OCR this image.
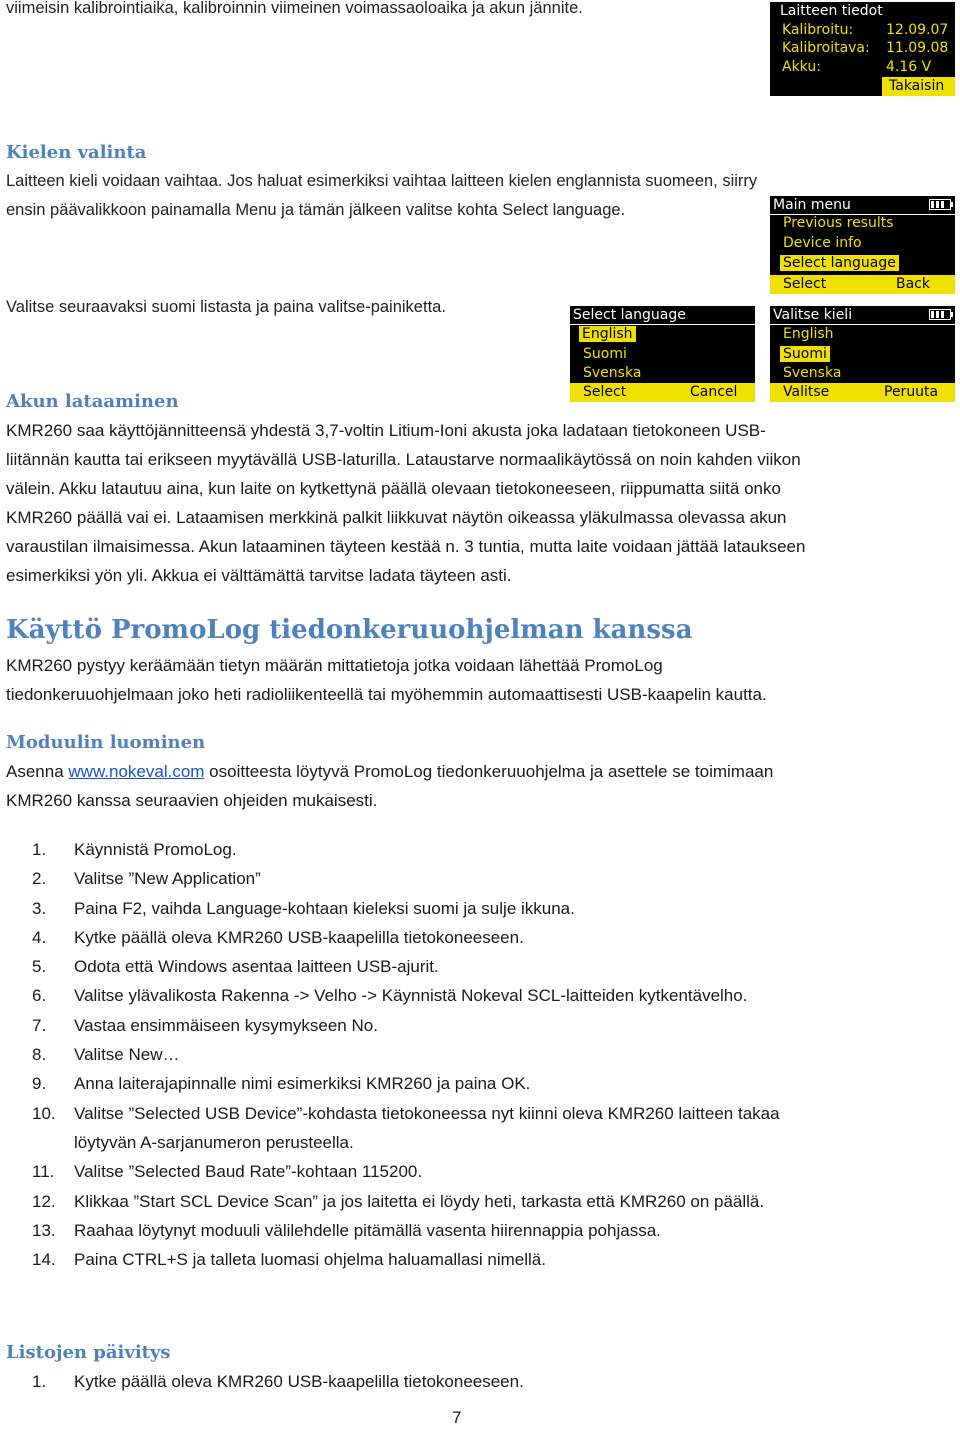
viimeisin kalibrointiaika, kalibroinnin viimeinen voimassaoloaika ja akun jännite.	Laitteen tiedot
Kalibroitu: 12.09.07
Kalibroitava: 11.09.08
Akku:	4.16 V
Takaisin
Kielen valinta
Laitteen kieli voidaan vaihtaa. Jos haluat esimerkiksi vaihtaa laitteen kielen englannista suomeen, siirry
ensin päävalikkoon painamalla Menu ja tämän jälkeen valitse kohta Select language.
Valitse seuraavaksi suomi listasta ja paina valitse-painiketta.
Main menu
Previous results
Device info
Select language
Select	Back
Select language
English
Suomi
Svenska
Select	Cancel
Valitse kieli
English
Suomi
Svenska
Valitse	Peruuta
Akun lataaminen
KMR260 saa käyttöjännitteensä yhdestä 3,7-voltin Litium-Ioni akusta joka ladataan tietokoneen USB-
liitännän kautta tai erikseen myytävällä USB-laturilla. Lataustarve normaalikäytössä on noin kahden viikon
välein. Akku latautuu aina, kun laite on kytkettynä päällä olevaan tietokoneeseen, riippumatta siitä onko
KMR260 päällä vai ei. Lataamisen merkkinä palkit liikkuvat näytön oikeassa yläkulmassa olevassa akun
varaustilan ilmaisimessa. Akun lataaminen täyteen kestää n. 3 tuntia, mutta laite voidaan jättää lataukseen
esimerkiksi yön yli. Akkua ei välttämättä tarvitse ladata täyteen asti.
Käyttö PromoLog tiedonkeruuohjelman kanssa
KMR260 pystyy keräämään tietyn määrän mittatietoja jotka voidaan lähettää PromoLog
tiedonkeruuohjelmaan joko heti radioliikenteellä tai myöhemmin automaattisesti USB-kaapelin kautta.
Moduulin luominen
Asenna www.nokeval.com osoitteesta löytyvä PromoLog tiedonkeruuohjelma ja asettele se toimimaan
KMR260 kanssa seuraavien ohjeiden mukaisesti.
1.	Käynnistä PromoLog.
2.	Valitse ”New Application”
3.	Paina F2, vaihda Language-kohtaan kieleksi suomi ja sulje ikkuna.
4.	Kytke päällä oleva KMR260 USB-kaapelilla tietokoneeseen.
5.	Odota että Windows asentaa laitteen USB-ajurit.
6.	Valitse ylävalikosta Rakenna -> Velho -> Käynnistä Nokeval SCL-laitteiden kytkentävelho.
7.	Vastaa ensimmäiseen kysymykseen No.
8.	Valitse New…
9.	Anna laiterajapinnalle nimi esimerkiksi KMR260 ja paina OK.
10.	Valitse ”Selected USB Device”-kohdasta tietokoneessa nyt kiinni oleva KMR260 laitteen takaa
löytyvän A-sarjanumeron perusteella.
11.	Valitse ”Selected Baud Rate”-kohtaan 115200.
12.	Klikkaa ”Start SCL Device Scan” ja jos laitetta ei löydy heti, tarkasta että KMR260 on päällä.
13.	Raahaa löytynyt moduuli välilehdelle pitämällä vasenta hiirennappia pohjassa.
14.	Paina CTRL+S ja talleta luomasi ohjelma haluamallasi nimellä.
Listojen päivitys
1.	Kytke päällä oleva KMR260 USB-kaapelilla tietokoneeseen.
7
